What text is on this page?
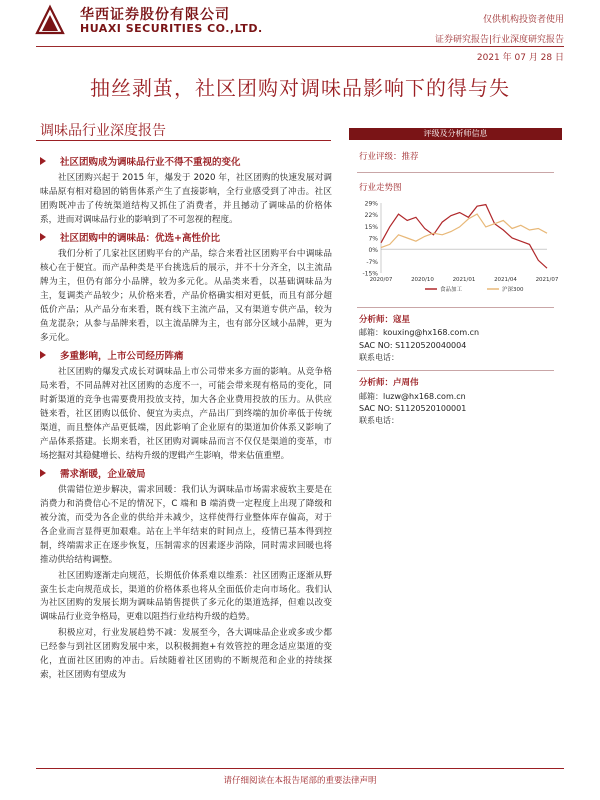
华西证券股份有限公司
HUAXI SECURITIES CO.,LTD.
仅供机构投资者使用
证券研究报告|行业深度研究报告
2021 年 07 月 28 日
抽丝剥茧，社区团购对调味品影响下的得与失
调味品行业深度报告
社区团购成为调味品行业不得不重视的变化
社区团购兴起于 2015 年，爆发于 2020 年，社区团购的快速发展对调味品原有相对稳固的销售体系产生了直接影响，全行业感受到了冲击。社区团购既冲击了传统渠道结构又抓住了消费者，并且撼动了调味品的价格体系，进而对调味品行业的影响到了不可忽视的程度。
社区团购中的调味品：优选+高性价比
我们分析了几家社区团购平台的产品，综合来看社区团购平台中调味品核心在于便宜。而产品种类是平台挑选后的展示，并不十分齐全，以主流品牌为主，但仍有部分小品牌，较为多元化。从品类来看，以基础调味品为主，复调类产品较少；从价格来看，产品价格确实相对更低，而且有部分超低价产品；从产品分布来看，既有线下主流产品，又有渠道专供产品，较为鱼龙混杂；从参与品牌来看，以主流品牌为主，也有部分区域小品牌，更为多元化。
多重影响，上市公司经历阵痛
社区团购的爆发式成长对调味品上市公司带来多方面的影响。从竞争格局来看，不同品牌对社区团购的态度不一，可能会带来现有格局的变化，同时新渠道的竞争也需要费用投放支持，加大各企业费用投放的压力。从供应链来看，社区团购以低价、便宜为卖点，产品出厂到终端的加价率低于传统渠道，而且整体产品更低端，因此影响了企业原有的渠道加价体系又影响了产品体系搭建。长期来看，社区团购对调味品而言不仅仅是渠道的变革，市场挖掘对其稳健增长、结构升级的逻辑产生影响，带来估值重塑。
需求渐暖，企业破局
供需错位逆步解决，需求回暖：我们认为调味品市场需求疲软主要是在消费力和消费信心不足的情况下，C 端和 B 端消费一定程度上出现了降级和被分流，而受为各企业的供给并未减少，这样使得行业整体库存偏高，对于各企业而言显得更加艰难。站在上半年结束的时间点上，疫情已基本得到控制，终端需求正在逐步恢复，压制需求的因素逐步消除，同时需求回暖也将推动供给结构调整。
社区团购逐渐走向规范，长期低价体系难以维系：社区团购正逐渐从野蛮生长走向规范成长，渠道的价格体系也将从全面低价走向市场化。我们认为社区团购的发展长期为调味品销售提供了多元化的渠道选择，但难以改变调味品行业竞争格局，更难以阻挡行业结构升级的趋势。
积极应对，行业发展趋势不减：发展至今，各大调味品企业或多或少都已经参与到社区团购发展中来，以积极拥抱+有效管控的理念适应渠道的变化，直面社区团购的冲击。后续随着社区团购的不断规范和企业的持续探索，社区团购有望成为
评级及分析师信息
行业评级：推荐
行业走势图
29%
22%
15%
7%
0%
-7%
-15%
2020/07	2020/10	2021/01	2021/04	2021/07
食品加工	沪深300
分析师：寇星
邮箱：kouxing@hx168.com.cn
SAC NO: S1120520040004
联系电话：
分析师：卢周伟
邮箱：luzw@hx168.com.cn
SAC NO: S1120520100001
联系电话：
请仔细阅读在本报告尾部的重要法律声明
